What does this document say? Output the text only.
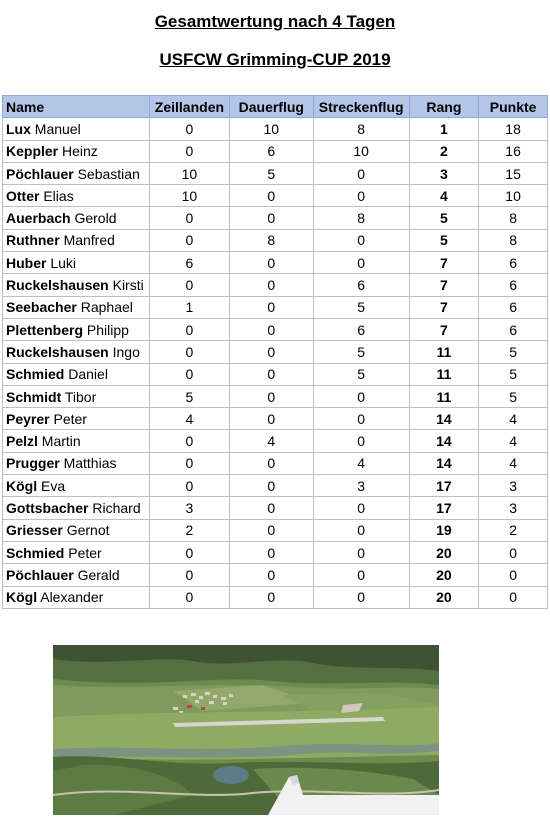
Gesamtwertung nach 4 Tagen
USFCW Grimming-CUP 2019
Name	Zeillanden	Dauerflug	Streckenflug	Rang	Punkte
Lux Manuel	0	10	8	1	18
Keppler Heinz	0	6	10	2	16
Pöchlauer Sebastian	10	5	0	3	15
Otter Elias	10	0	0	4	10
Auerbach Gerold	0	0	8	5	8
Ruthner Manfred	0	8	0	5	8
Huber Luki	6	0	0	7	6
Ruckelshausen Kirsti	0	0	6	7	6
Seebacher Raphael	1	0	5	7	6
Plettenberg Philipp	0	0	6	7	6
Ruckelshausen Ingo	0	0	5	11	5
Schmied Daniel	0	0	5	11	5
Schmidt Tibor	5	0	0	11	5
Peyrer Peter	4	0	0	14	4
Pelzl Martin	0	4	0	14	4
Prugger Matthias	0	0	4	14	4
Kögl Eva	0	0	3	17	3
Gottsbacher Richard	3	0	0	17	3
Griesser Gernot	2	0	0	19	2
Schmied Peter	0	0	0	20	0
Pöchlauer Gerald	0	0	0	20	0
Kögl Alexander	0	0	0	20	0
